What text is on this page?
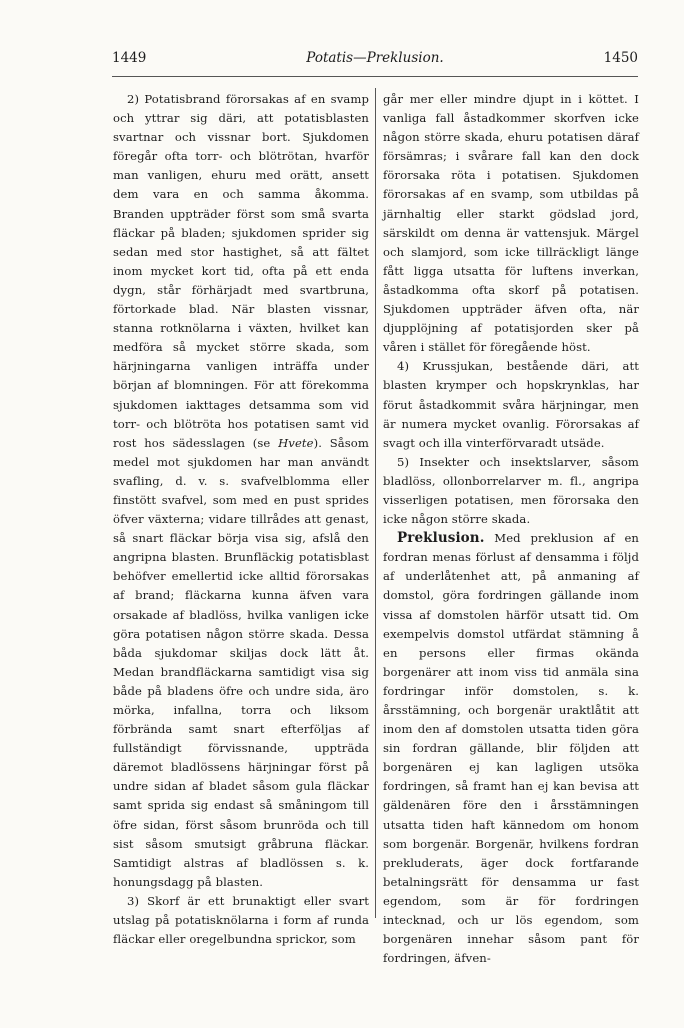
1449	Potatis—Preklusion.	1450

2) Potatisbrand förorsakas af en svamp och yttrar sig däri, att potatisblasten svartnar och vissnar bort. Sjukdomen föregår ofta torr- och blötrötan, hvarför man vanligen, ehuru med orätt, ansett dem vara en och samma åkomma. Branden uppträder först som små svarta fläckar på bladen; sjukdomen sprider sig sedan med stor hastighet, så att fältet inom mycket kort tid, ofta på ett enda dygn, står förhärjadt med svartbruna, förtorkade blad. När blasten vissnar, stanna rotknölarna i växten, hvilket kan medföra så mycket större skada, som härjningarna vanligen inträffa under början af blomningen. För att förekomma sjukdomen iakttages detsamma som vid torr- och blötröta hos potatisen samt vid rost hos sädesslagen (se Hvete). Såsom medel mot sjukdomen har man användt svafling, d. v. s. svafvelblomma eller finstött svafvel, som med en pust sprides öfver växterna; vidare tillrådes att genast, så snart fläckar börja visa sig, afslå den angripna blasten. Brunfläckig potatisblast behöfver emellertid icke alltid förorsakas af brand; fläckarna kunna äfven vara orsakade af bladlöss, hvilka vanligen icke göra potatisen någon större skada. Dessa båda sjukdomar skiljas dock lätt åt. Medan brandfläckarna samtidigt visa sig både på bladens öfre och undre sida, äro mörka, infallna, torra och liksom förbrända samt snart efterföljas af fullständigt förvissnande, uppträda däremot bladlössens härjningar först på undre sidan af bladet såsom gula fläckar samt sprida sig endast så småningom till öfre sidan, först såsom brunröda och till sist såsom smutsigt gråbruna fläckar. Samtidigt alstras af bladlössen s. k. honungsdagg på blasten.

3) Skorf är ett brunaktigt eller svart utslag på potatisknölarna i form af runda fläckar eller oregelbundna sprickor, som

går mer eller mindre djupt in i köttet. I vanliga fall åstadkommer skorfven icke någon större skada, ehuru potatisen däraf försämras; i svårare fall kan den dock förorsaka röta i potatisen. Sjukdomen förorsakas af en svamp, som utbildas på järnhaltig eller starkt gödslad jord, särskildt om denna är vattensjuk. Märgel och slamjord, som icke tillräckligt länge fått ligga utsatta för luftens inverkan, åstadkomma ofta skorf på potatisen. Sjukdomen uppträder äfven ofta, när djupplöjning af potatisjorden sker på våren i stället för föregående höst.

4) Krussjukan, bestående däri, att blasten krymper och hopskrynklas, har förut åstadkommit svåra härjningar, men är numera mycket ovanlig. Förorsakas af svagt och illa vinterförvaradt utsäde.

5) Insekter och insektslarver, såsom bladlöss, ollonborrelarver m. fl., angripa visserligen potatisen, men förorsaka den icke någon större skada.

Preklusion. Med preklusion af en fordran menas förlust af densamma i följd af underlåtenhet att, på anmaning af domstol, göra fordringen gällande inom vissa af domstolen härför utsatt tid. Om exempelvis domstol utfärdat stämning å en persons eller firmas okända borgenärer att inom viss tid anmäla sina fordringar inför domstolen, s. k. årsstämning, och borgenär uraktlåtit att inom den af domstolen utsatta tiden göra sin fordran gällande, blir följden att borgenären ej kan lagligen utsöka fordringen, så framt han ej kan bevisa att gäldenären före den i årsstämningen utsatta tiden haft kännedom om honom som borgenär. Borgenär, hvilkens fordran prekluderats, äger dock fortfarande betalningsrätt för densamma ur fast egendom, som är för fordringen intecknad, och ur lös egendom, som borgenären innehar såsom pant för fordringen, äfven-
